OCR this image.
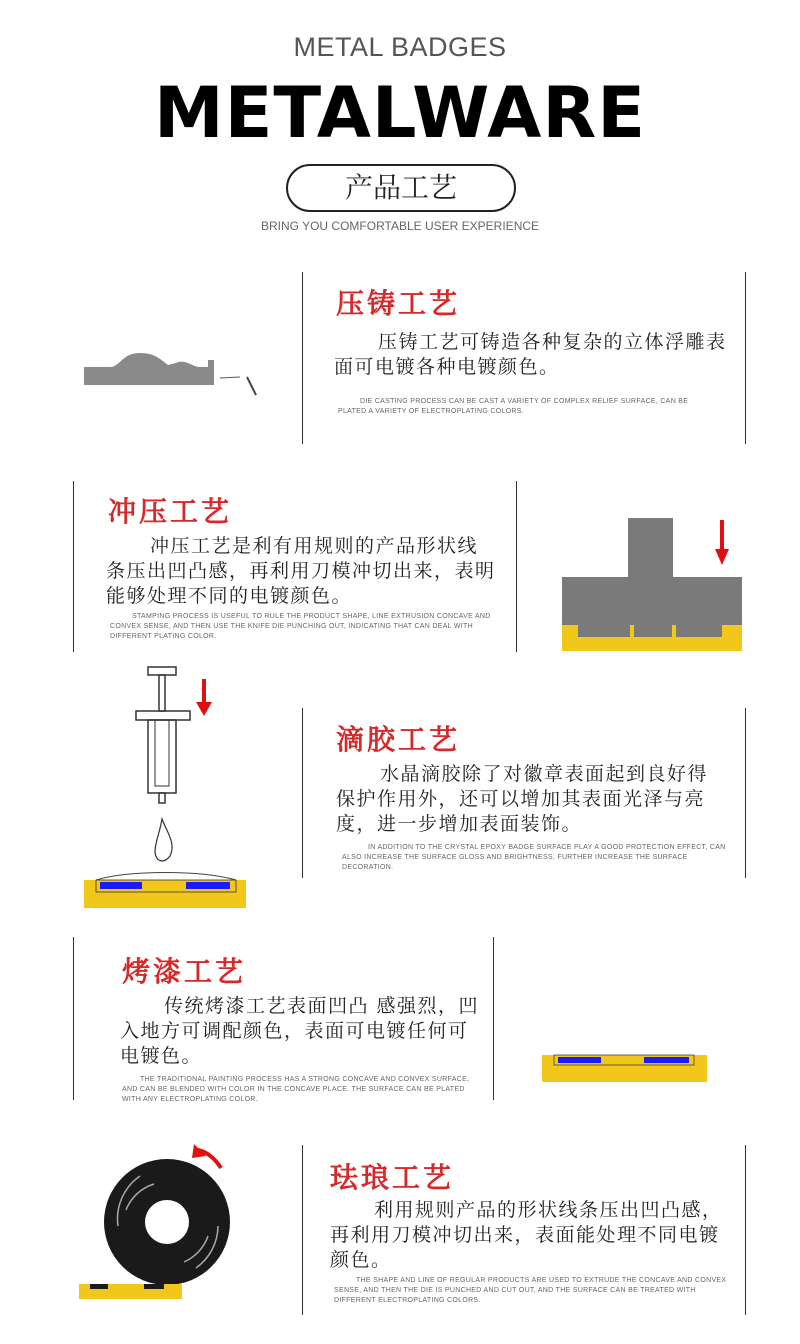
METAL BADGES
METALWARE
产品工艺
BRING YOU COMFORTABLE USER EXPERIENCE
压铸工艺
压铸工艺可铸造各种复杂的立体浮雕表面可电镀各种电镀颜色。
DIE CASTING PROCESS CAN BE CAST A VARIETY OF COMPLEX RELIEF SURFACE, CAN BE PLATED A VARIETY OF ELECTROPLATING COLORS.
冲压工艺
冲压工艺是利有用规则的产品形状线条压出凹凸感，再利用刀模冲切出来，表明能够处理不同的电镀颜色。
STAMPING PROCESS IS USEFUL TO RULE THE PRODUCT SHAPE, LINE EXTRUSION CONCAVE AND CONVEX SENSE, AND THEN USE THE KNIFE DIE PUNCHING OUT, INDICATING THAT CAN DEAL WITH DIFFERENT PLATING COLOR.
滴胶工艺
水晶滴胶除了对徽章表面起到良好得保护作用外，还可以增加其表面光泽与亮度，进一步增加表面装饰。
IN ADDITION TO THE CRYSTAL EPOXY BADGE SURFACE PLAY A GOOD PROTECTION EFFECT, CAN ALSO INCREASE THE SURFACE GLOSS AND BRIGHTNESS, FURTHER INCREASE THE SURFACE DECORATION.
烤漆工艺
传统烤漆工艺表面凹凸 感强烈，凹入地方可调配颜色，表面可电镀任何可电镀色。
THE TRADITIONAL PAINTING PROCESS HAS A STRONG CONCAVE AND CONVEX SURFACE, AND CAN BE BLENDED WITH COLOR IN THE CONCAVE PLACE. THE SURFACE CAN BE PLATED WITH ANY ELECTROPLATING COLOR.
珐琅工艺
利用规则产品的形状线条压出凹凸感，再利用刀模冲切出来，表面能处理不同电镀颜色。
THE SHAPE AND LINE OF REGULAR PRODUCTS ARE USED TO EXTRUDE THE CONCAVE AND CONVEX SENSE, AND THEN THE DIE IS PUNCHED AND CUT OUT, AND THE SURFACE CAN BE TREATED WITH DIFFERENT ELECTROPLATING COLORS.
